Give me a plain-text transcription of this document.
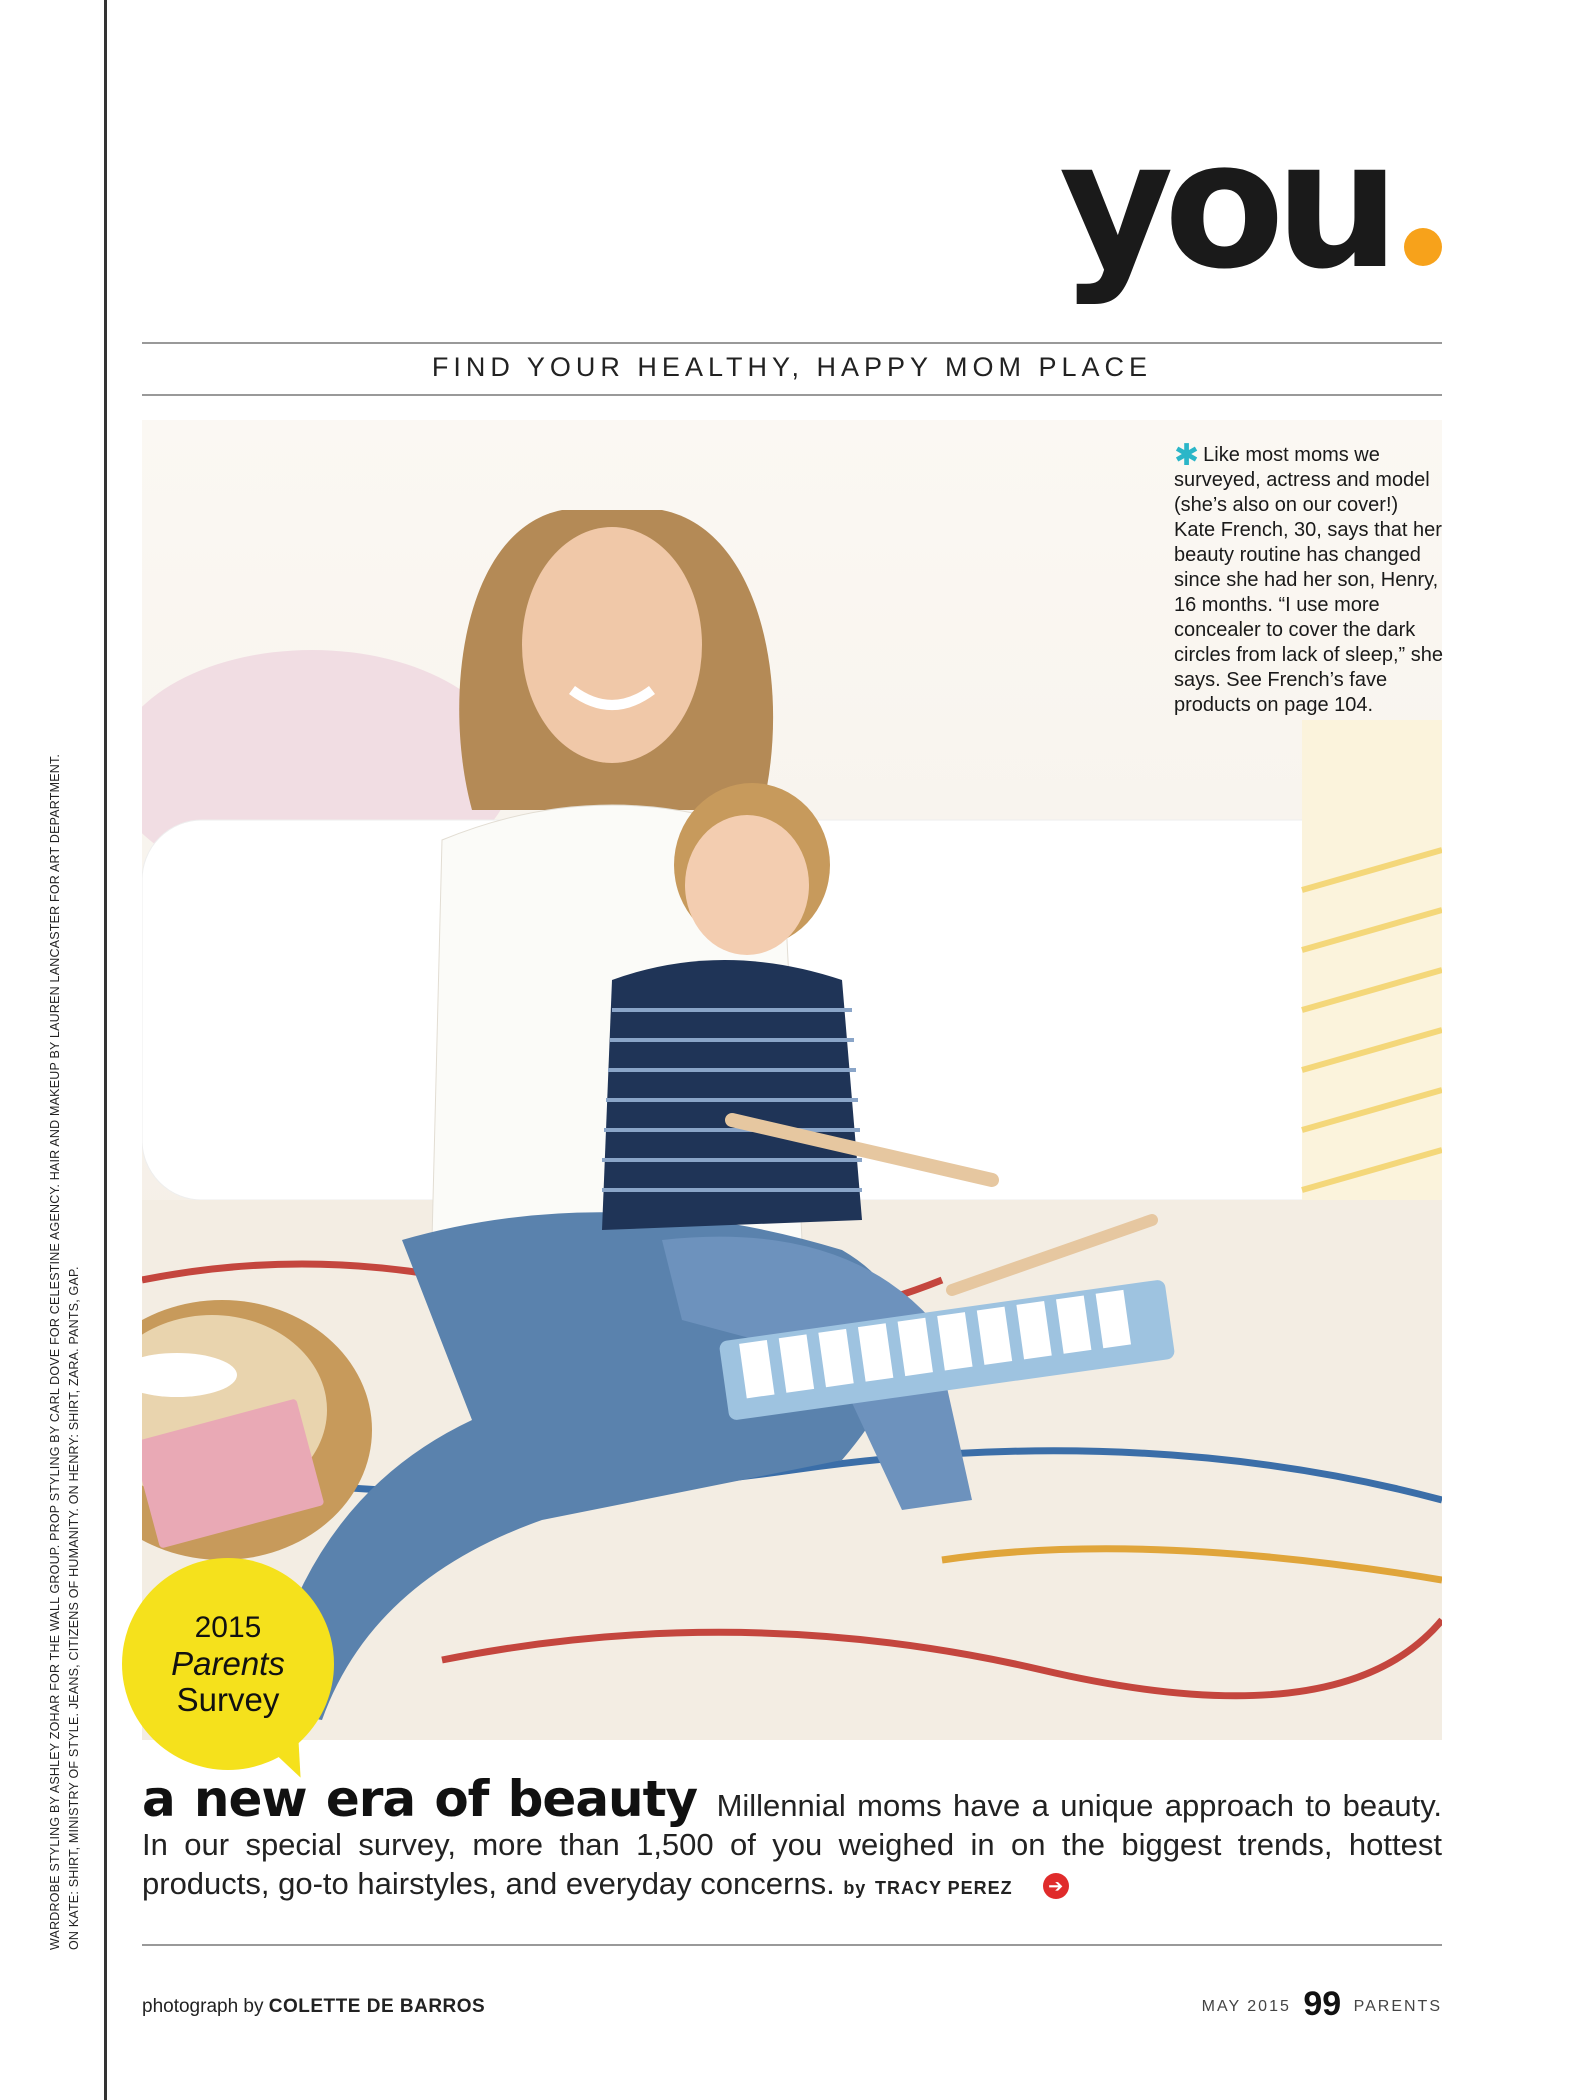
WARDROBE STYLING BY ASHLEY ZOHAR FOR THE WALL GROUP. PROP STYLING BY CARL DOVE FOR CELESTINE AGENCY. HAIR AND MAKEUP BY LAUREN LANCASTER FOR ART DEPARTMENT. ON KATE: SHIRT, MINISTRY OF STYLE. JEANS, CITIZENS OF HUMANITY. ON HENRY: SHIRT, ZARA. PANTS, GAP.
you
FIND YOUR HEALTHY, HAPPY MOM PLACE
✱ Like most moms we surveyed, actress and model (she’s also on our cover!) Kate French, 30, says that her beauty routine has changed since she had her son, Henry, 16 months. “I use more concealer to cover the dark circles from lack of sleep,” she says. See French’s fave products on page 104.
2015
Parents
Survey
a new era of beauty Millennial moms have a unique approach to beauty. In our special survey, more than 1,500 of you weighed in on the biggest trends, hottest products, go-to hairstyles, and everyday concerns. by TRACY PEREZ ➔
photograph by COLETTE DE BARROS	MAY 2015 99 PARENTS
